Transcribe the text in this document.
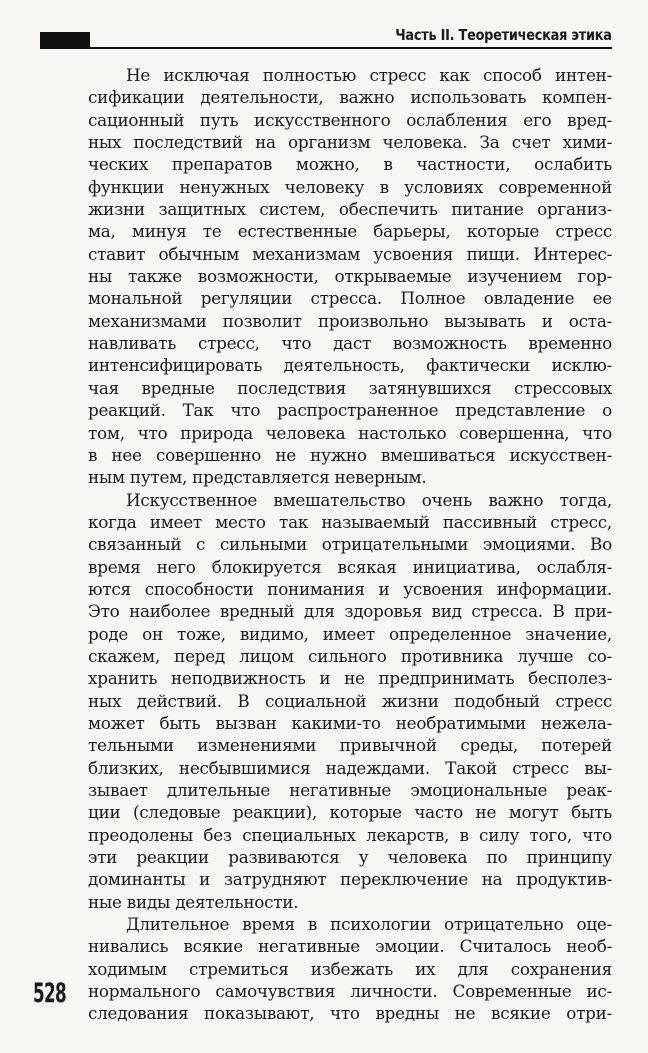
Часть II. Теоретическая этика
Не исключая полностью стресс как способ интен-
сификации деятельности, важно использовать компен-
сационный путь искусственного ослабления его вред-
ных последствий на организм человека. За счет хими-
ческих препаратов можно, в частности, ослабить
функции ненужных человеку в условиях современной
жизни защитных систем, обеспечить питание организ-
ма, минуя те естественные барьеры, которые стресс
ставит обычным механизмам усвоения пищи. Интерес-
ны также возможности, открываемые изучением гор-
мональной регуляции стресса. Полное овладение ее
механизмами позволит произвольно вызывать и оста-
навливать стресс, что даст возможность временно
интенсифицировать деятельность, фактически исклю-
чая вредные последствия затянувшихся стрессовых
реакций. Так что распространенное представление о
том, что природа человека настолько совершенна, что
в нее совершенно не нужно вмешиваться искусствен-
ным путем, представляется неверным.
Искусственное вмешательство очень важно тогда,
когда имеет место так называемый пассивный стресс,
связанный с сильными отрицательными эмоциями. Во
время него блокируется всякая инициатива, ослабля-
ются способности понимания и усвоения информации.
Это наиболее вредный для здоровья вид стресса. В при-
роде он тоже, видимо, имеет определенное значение,
скажем, перед лицом сильного противника лучше со-
хранить неподвижность и не предпринимать бесполез-
ных действий. В социальной жизни подобный стресс
может быть вызван какими-то необратимыми нежела-
тельными изменениями привычной среды, потерей
близких, несбывшимися надеждами. Такой стресс вы-
зывает длительные негативные эмоциональные реак-
ции (следовые реакции), которые часто не могут быть
преодолены без специальных лекарств, в силу того, что
эти реакции развиваются у человека по принципу
доминанты и затрудняют переключение на продуктив-
ные виды деятельности.
Длительное время в психологии отрицательно оце-
нивались всякие негативные эмоции. Считалось необ-
ходимым стремиться избежать их для сохранения
нормального самочувствия личности. Современные ис-
следования показывают, что вредны не всякие отри-
528
